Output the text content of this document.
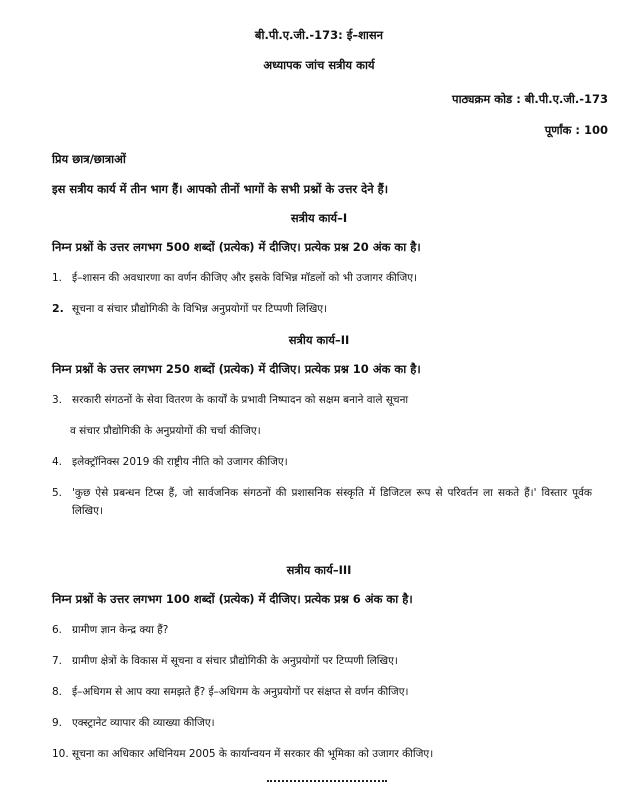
बी.पी.ए.जी.-173: ई–शासन
अध्यापक जांच सत्रीय कार्य
पाठ्यक्रम कोड : बी.पी.ए.जी.-173
पूर्णांक : 100
प्रिय छात्र/छात्राओं
इस सत्रीय कार्य में तीन भाग हैं। आपको तीनों भागों के सभी प्रश्नों के उत्तर देने हैं।
सत्रीय कार्य–I
निम्न प्रश्नों के उत्तर लगभग 500 शब्दों (प्रत्येक) में दीजिए। प्रत्येक प्रश्न 20 अंक का है।
1. ई–शासन की अवधारणा का वर्णन कीजिए और इसके विभिन्न मॉडलों को भी उजागर कीजिए।
2. सूचना व संचार प्रौद्योगिकी के विभिन्न अनुप्रयोगों पर टिप्पणी लिखिए।
सत्रीय कार्य–II
निम्न प्रश्नों के उत्तर लगभग 250 शब्दों (प्रत्येक) में दीजिए। प्रत्येक प्रश्न 10 अंक का है।
3. सरकारी संगठनों के सेवा वितरण के कार्यों के प्रभावी निष्पादन को सक्षम बनाने वाले सूचना
व संचार प्रौद्योगिकी के अनुप्रयोगों की चर्चा कीजिए।
4. इलेक्ट्रॉनिक्स 2019 की राष्ट्रीय नीति को उजागर कीजिए।
5. 'कुछ ऐसे प्रबन्धन टिप्स हैं, जो सार्वजनिक संगठनों की प्रशासनिक संस्कृति में डिजिटल रूप से परिवर्तन ला सकते हैं।' विस्तार पूर्वक लिखिए।
सत्रीय कार्य–III
निम्न प्रश्नों के उत्तर लगभग 100 शब्दों (प्रत्येक) में दीजिए। प्रत्येक प्रश्न 6 अंक का है।
6. ग्रामीण ज्ञान केन्द्र क्या हैं?
7. ग्रामीण क्षेत्रों के विकास में सूचना व संचार प्रौद्योगिकी के अनुप्रयोगों पर टिप्पणी लिखिए।
8. ई–अधिगम से आप क्या समझते हैं? ई–अधिगम के अनुप्रयोगों पर संक्षप्त से वर्णन कीजिए।
9. एक्स्ट्रानेट व्यापार की व्याख्या कीजिए।
10. सूचना का अधिकार अधिनियम 2005 के कार्यान्वयन में सरकार की भूमिका को उजागर कीजिए।
